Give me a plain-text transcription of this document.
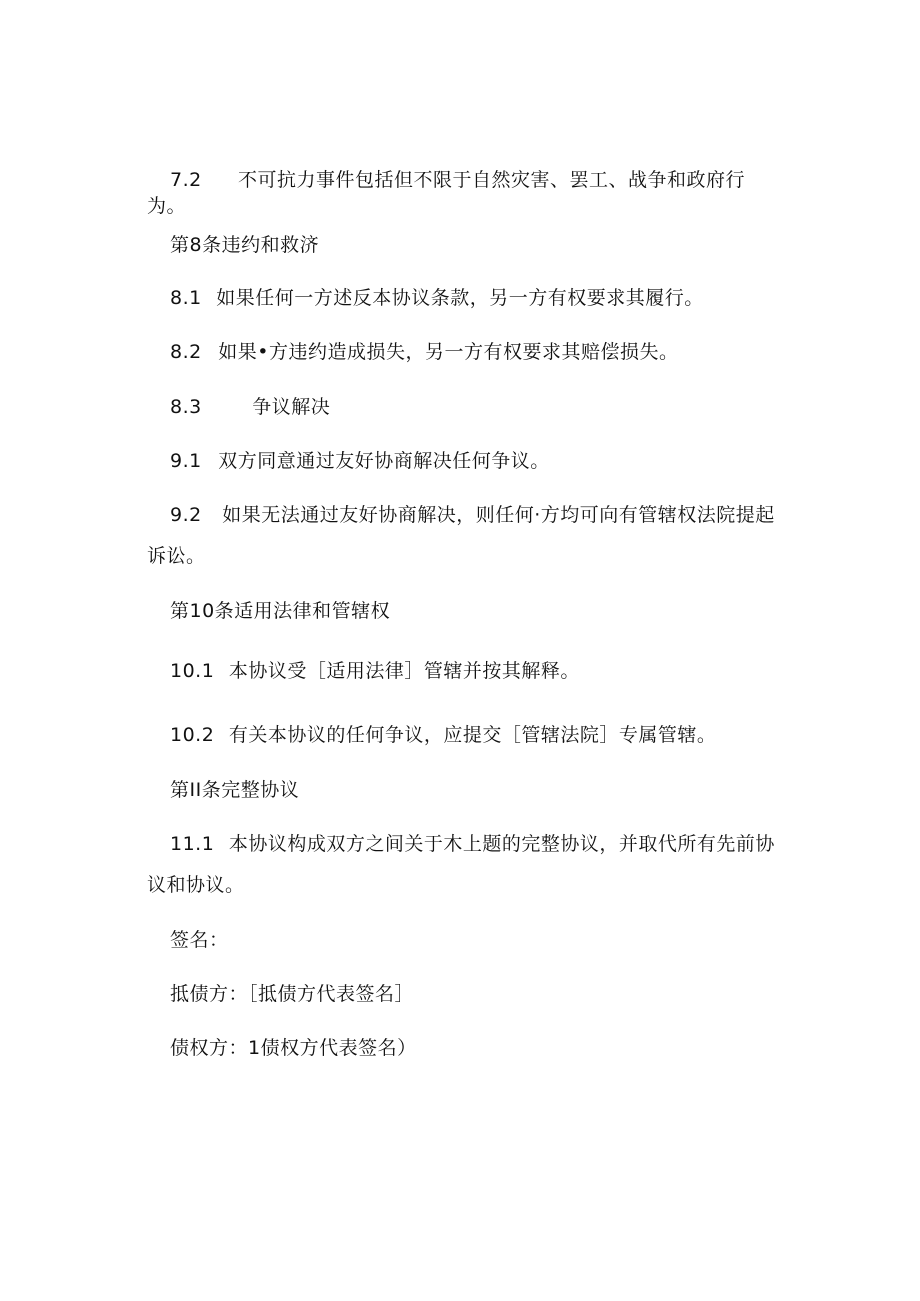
7.2 不可抗力事件包括但不限于自然灾害、罢工、战争和政府行
为。
第8条违约和救济
8.1 如果任何一方述反本协议条款，另一方有权要求其履行。
8.2 如果•方违约造成损失，另一方有权要求其赔偿损失。
8.3	争议解决
9.1 双方同意通过友好协商解决任何争议。
9.2 如果无法通过友好协商解决，则任何·方均可向有管辖权法院提起
诉讼。
第10条适用法律和管辖权
10.1 本协议受［适用法律］管辖并按其解释。
10.2 有关本协议的任何争议，应提交［管辖法院］专属管辖。
第II条完整协议
11.1 本协议构成双方之间关于木上题的完整协议，并取代所有先前协
议和协议。
签名：
抵债方：［抵债方代表签名］
债权方：1债权方代表签名）
